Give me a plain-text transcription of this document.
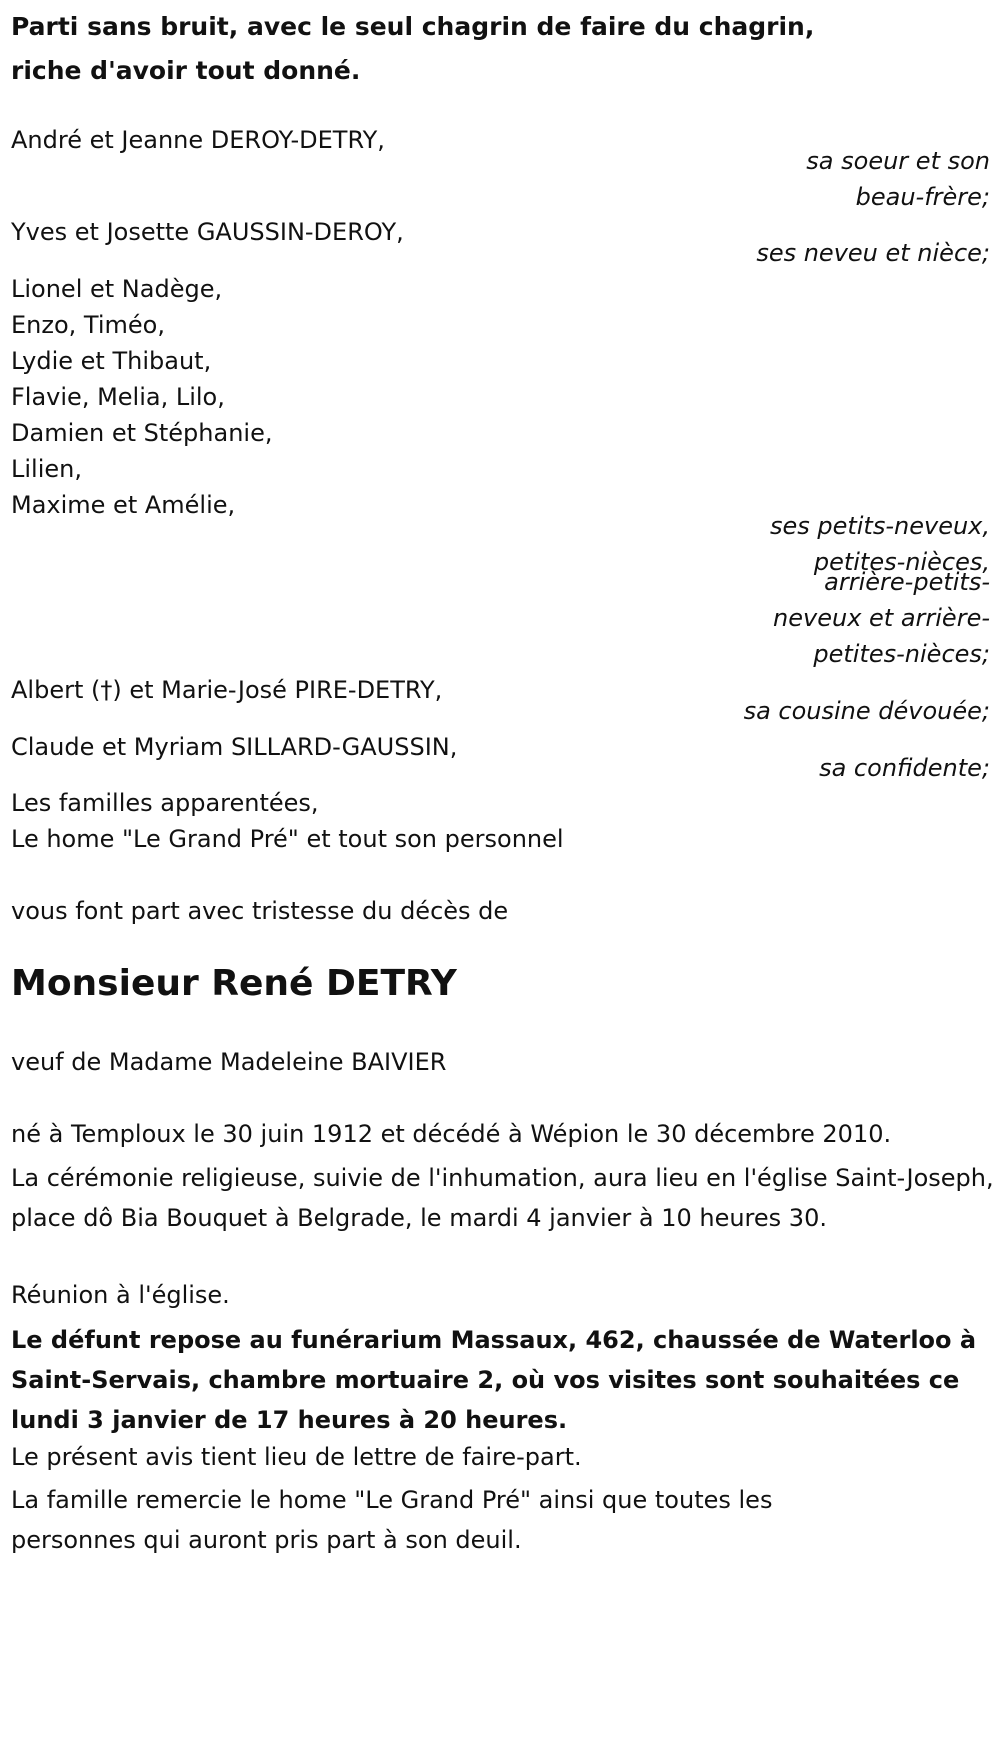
Parti sans bruit, avec le seul chagrin de faire du chagrin,
riche d'avoir tout donné.
André et Jeanne DEROY-DETRY,
sa soeur et son
beau-frère;
Yves et Josette GAUSSIN-DEROY,
ses neveu et nièce;
Lionel et Nadège,
Enzo, Timéo,
Lydie et Thibaut,
Flavie, Melia, Lilo,
Damien et Stéphanie,
Lilien,
Maxime et Amélie,
ses petits-neveux,
petites-nièces,
arrière-petits-
neveux et arrière-
petites-nièces;
Albert (†) et Marie-José PIRE-DETRY,
sa cousine dévouée;
Claude et Myriam SILLARD-GAUSSIN,
sa confidente;
Les familles apparentées,
Le home "Le Grand Pré" et tout son personnel
vous font part avec tristesse du décès de
Monsieur René DETRY
veuf de Madame Madeleine BAIVIER
né à Temploux le 30 juin 1912 et décédé à Wépion le 30 décembre 2010.
La cérémonie religieuse, suivie de l'inhumation, aura lieu en l'église Saint-Joseph, place dô Bia Bouquet à Belgrade, le mardi 4 janvier à 10 heures 30.
Réunion à l'église.
Le défunt repose au funérarium Massaux, 462, chaussée de Waterloo à Saint-Servais, chambre mortuaire 2, où vos visites sont souhaitées ce lundi 3 janvier de 17 heures à 20 heures.
Le présent avis tient lieu de lettre de faire-part.
La famille remercie le home "Le Grand Pré" ainsi que toutes les personnes qui auront pris part à son deuil.
